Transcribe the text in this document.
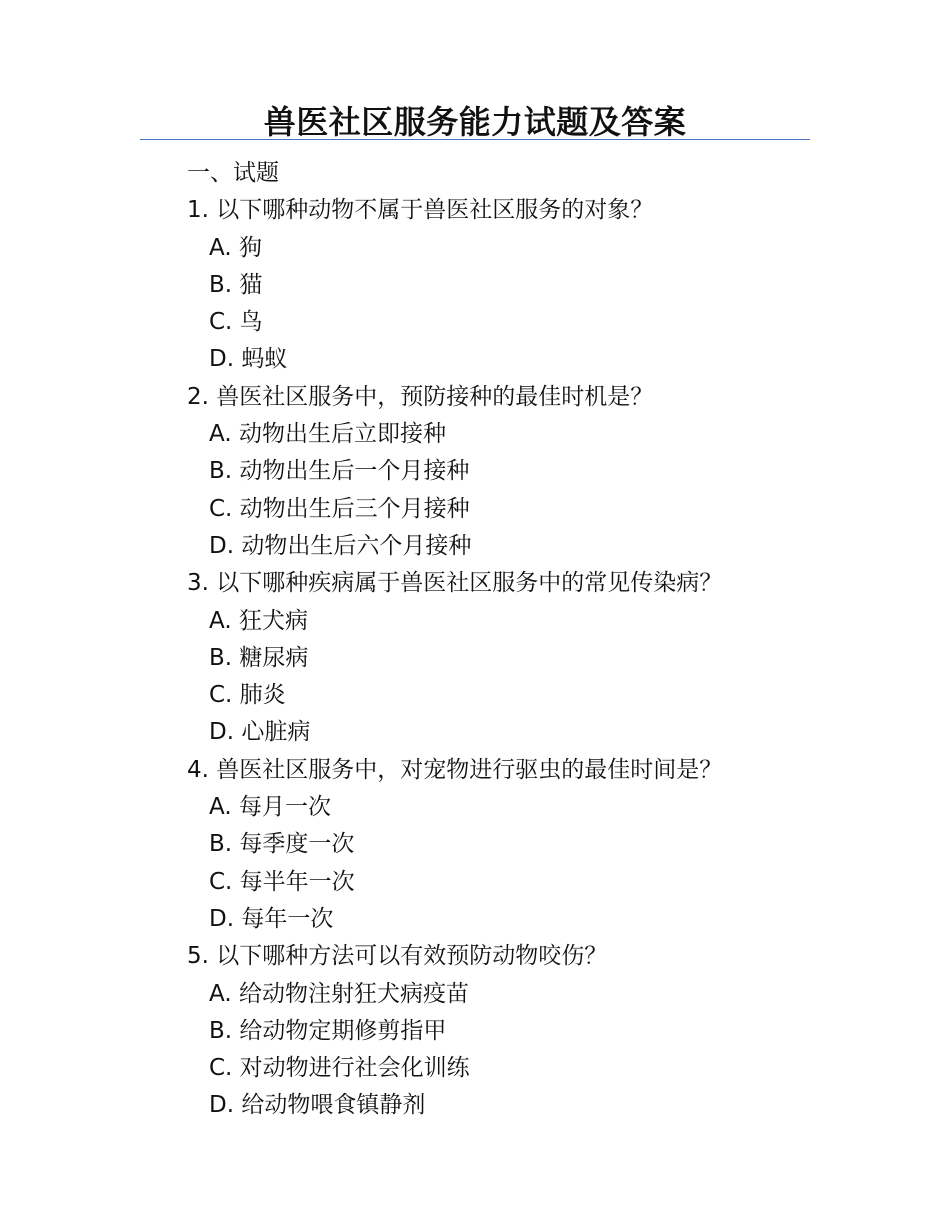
兽医社区服务能力试题及答案
一、试题
1. 以下哪种动物不属于兽医社区服务的对象？
A. 狗
B. 猫
C. 鸟
D. 蚂蚁
2. 兽医社区服务中，预防接种的最佳时机是？
A. 动物出生后立即接种
B. 动物出生后一个月接种
C. 动物出生后三个月接种
D. 动物出生后六个月接种
3. 以下哪种疾病属于兽医社区服务中的常见传染病？
A. 狂犬病
B. 糖尿病
C. 肺炎
D. 心脏病
4. 兽医社区服务中，对宠物进行驱虫的最佳时间是？
A. 每月一次
B. 每季度一次
C. 每半年一次
D. 每年一次
5. 以下哪种方法可以有效预防动物咬伤？
A. 给动物注射狂犬病疫苗
B. 给动物定期修剪指甲
C. 对动物进行社会化训练
D. 给动物喂食镇静剂
